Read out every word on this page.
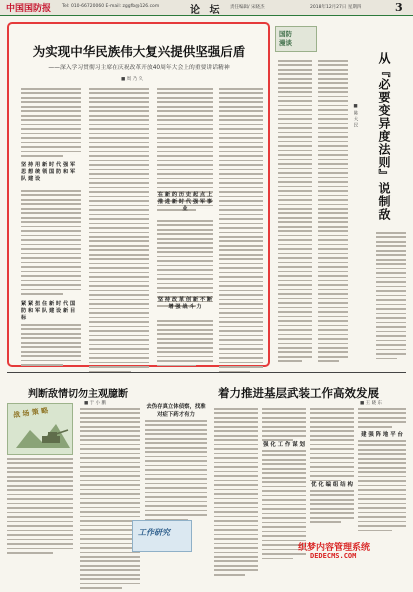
中国国防报 Tel: 010-66720060 E-mail: zggfb@126.com	论 坛 责任编辑/ 宋晓杰	2018年12月27日 星期四	3
为实现中华民族伟大复兴提供坚强后盾
——深入学习贯彻习主席在庆祝改革开放40周年大会上的重要讲话精神
■ 周 乃 久
坚 持 用 新 时 代 强 军 思 想 统 领 国 防 和 军 队 建 设
紧 紧 扭 住 新 时 代 国 防 和 军 队 建 设 新 目 标
在 新 的 历 史 起 点 上 推 进 新 时 代 强 军 事 业
坚 持 改 革 创 新 不 断 增 强 战 斗 力
国防
漫谈
从『必要变异度法则』说制敌
■ 陈 大 民
判断敌情切勿主观臆断
■ 于 小 鹏
战 场 策 略	去伪存真立体侦察，找准
对症下药才有力
工作研究
着力推进基层武装工作高效发展
■ 王 晓 东
强 化 工 作 谋 划
优 化 编 组 结 构
建 强 阵 地 平 台
织梦内容管理系统
DEDECMS.COM
